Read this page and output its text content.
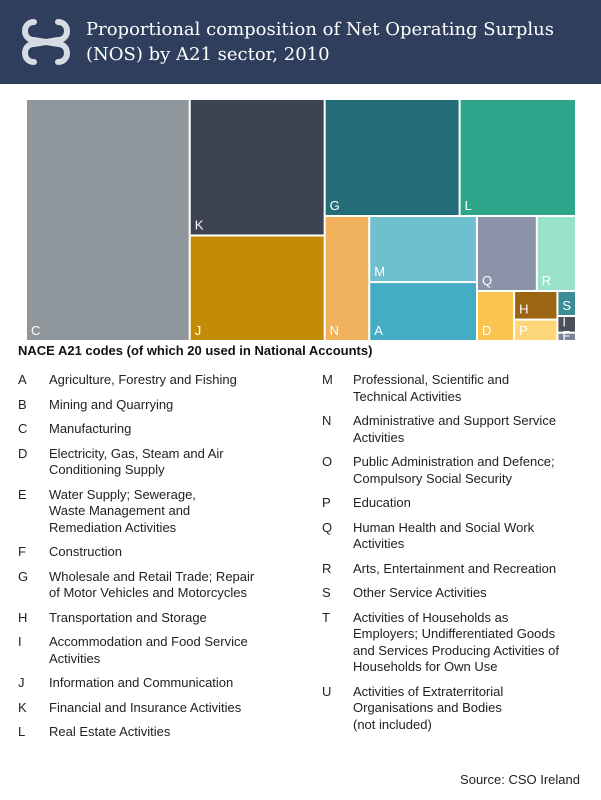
Proportional composition of Net Operating Surplus (NOS) by A21 sector, 2010
C
K
J
G	L
N
M
A
Q	R
D
H
P
S
I
F
NACE A21 codes (of which 20 used in National Accounts)
A	Agriculture, Forestry and Fishing
B	Mining and Quarrying
C	Manufacturing
D	Electricity, Gas, Steam and Air
Conditioning Supply
E	Water Supply; Sewerage,
Waste Management and
Remediation Activities
F	Construction
G	Wholesale and Retail Trade; Repair
of Motor Vehicles and Motorcycles
H	Transportation and Storage
I	Accommodation and Food Service
Activities
J	Information and Communication
K	Financial and Insurance Activities
L	Real Estate Activities
M	Professional, Scientific and
Technical Activities
N	Administrative and Support Service
Activities
O	Public Administration and Defence;
Compulsory Social Security
P	Education
Q	Human Health and Social Work
Activities
R	Arts, Entertainment and Recreation
S	Other Service Activities
T	Activities of Households as
Employers; Undifferentiated Goods
and Services Producing Activities of
Households for Own Use
U	Activities of Extraterritorial
Organisations and Bodies
(not included)
Source: CSO Ireland
